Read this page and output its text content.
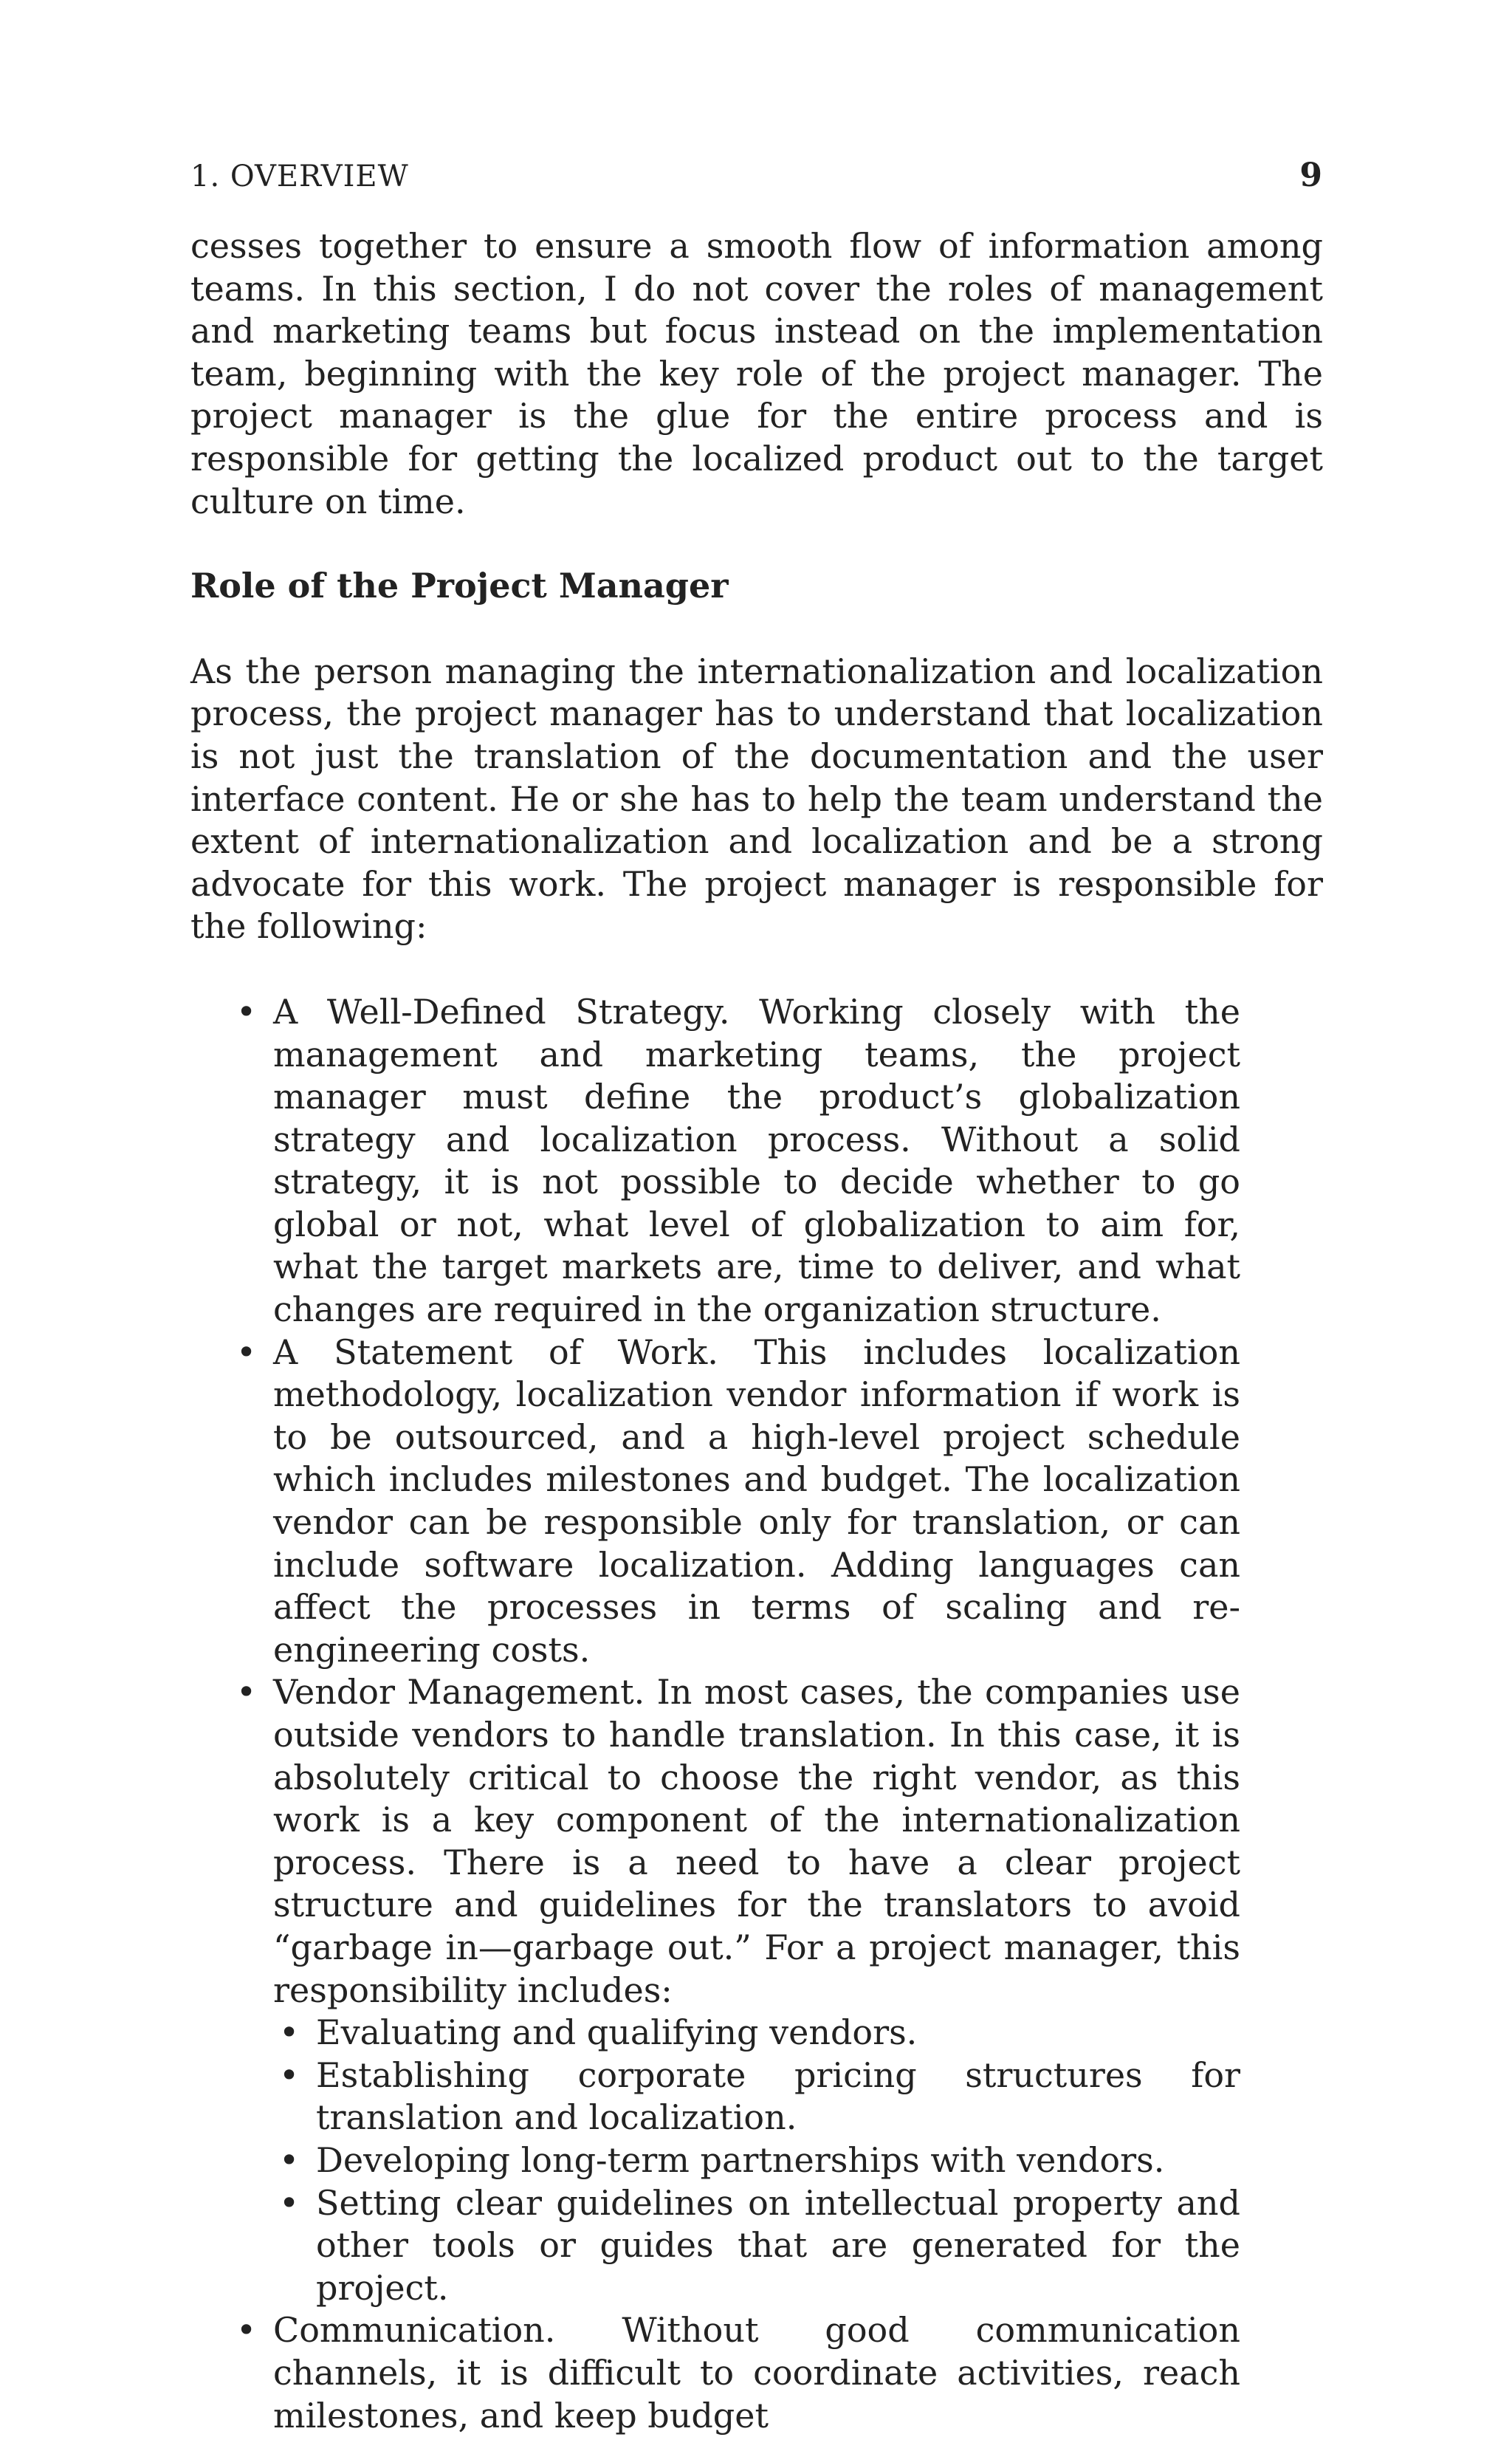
1. OVERVIEW	9

cesses together to ensure a smooth flow of information among teams. In this section, I do not cover the roles of management and marketing teams but focus instead on the implementation team, beginning with the key role of the project manager. The project manager is the glue for the entire process and is responsible for getting the localized product out to the target culture on time.

Role of the Project Manager

As the person managing the internationalization and localization process, the project manager has to understand that localization is not just the translation of the documentation and the user interface content. He or she has to help the team understand the extent of internationalization and localization and be a strong advocate for this work. The project manager is responsible for the following:

• A Well-Defined Strategy. Working closely with the management and marketing teams, the project manager must define the product’s globalization strategy and localization process. Without a solid strategy, it is not possible to decide whether to go global or not, what level of globalization to aim for, what the target markets are, time to deliver, and what changes are required in the organization structure.
• A Statement of Work. This includes localization methodology, localization vendor information if work is to be outsourced, and a high-level project schedule which includes milestones and budget. The localization vendor can be responsible only for translation, or can include software localization. Adding languages can affect the processes in terms of scaling and re-engineering costs.
• Vendor Management. In most cases, the companies use outside vendors to handle translation. In this case, it is absolutely critical to choose the right vendor, as this work is a key component of the internationalization process. There is a need to have a clear project structure and guidelines for the translators to avoid “garbage in—garbage out.” For a project manager, this responsibility includes:
• Evaluating and qualifying vendors.
• Establishing corporate pricing structures for translation and localization.
• Developing long-term partnerships with vendors.
• Setting clear guidelines on intellectual property and other tools or guides that are generated for the project.
• Communication. Without good communication channels, it is difficult to coordinate activities, reach milestones, and keep budget
